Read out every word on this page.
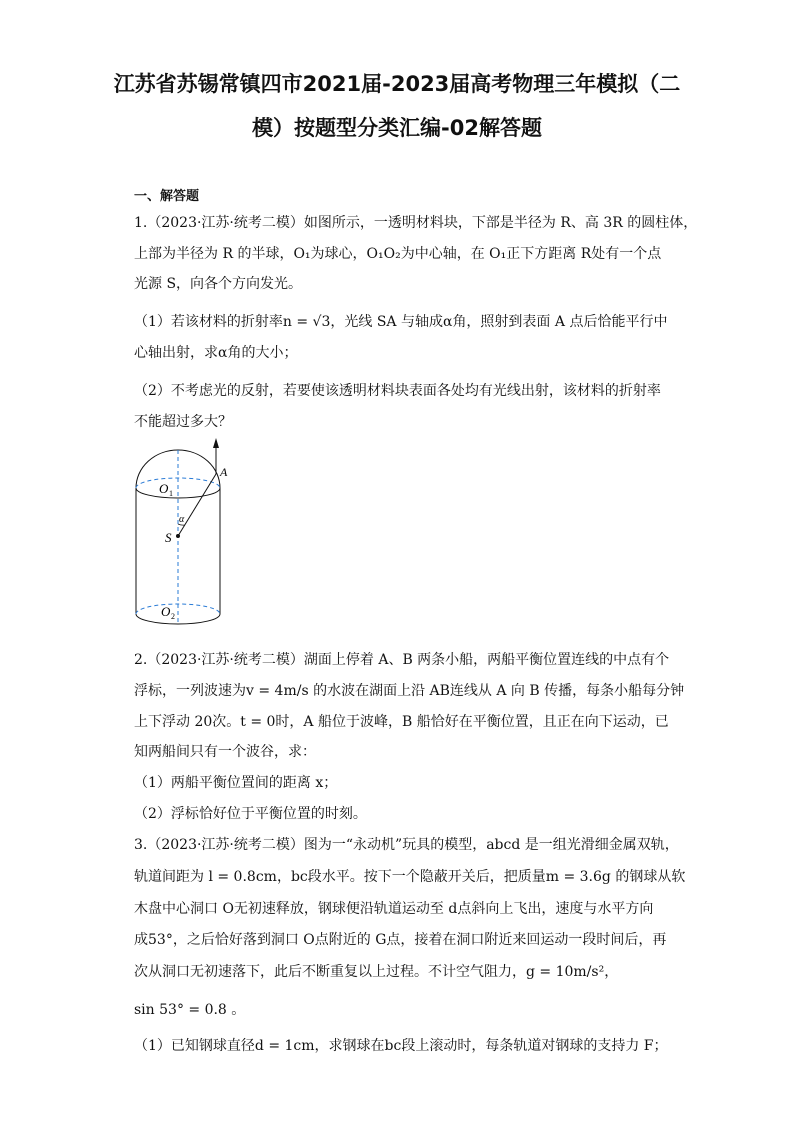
江苏省苏锡常镇四市2021届-2023届高考物理三年模拟（二
模）按题型分类汇编-02解答题
一、解答题
1.（2023·江苏·统考二模）如图所示，一透明材料块，下部是半径为 R、高 3R 的圆柱体，
上部为半径为 R 的半球，O₁为球心，O₁O₂为中心轴，在 O₁正下方距离 R处有一个点
光源 S，向各个方向发光。
（1）若该材料的折射率n = √3，光线 SA 与轴成α角，照射到表面 A 点后恰能平行中
心轴出射，求α角的大小；
（2）不考虑光的反射，若要使该透明材料块表面各处均有光线出射，该材料的折射率
不能超过多大？
A
O 1
α
S
O 2
2.（2023·江苏·统考二模）湖面上停着 A、B 两条小船，两船平衡位置连线的中点有个
浮标，一列波速为v = 4m/s 的水波在湖面上沿 AB连线从 A 向 B 传播，每条小船每分钟
上下浮动 20次。t = 0时，A 船位于波峰，B 船恰好在平衡位置，且正在向下运动，已
知两船间只有一个波谷，求：
（1）两船平衡位置间的距离 x；
（2）浮标恰好位于平衡位置的时刻。
3.（2023·江苏·统考二模）图为一“永动机”玩具的模型，abcd 是一组光滑细金属双轨，
轨道间距为 l = 0.8cm，bc段水平。按下一个隐蔽开关后，把质量m = 3.6g 的钢球从软
木盘中心洞口 O无初速释放，钢球便沿轨道运动至 d点斜向上飞出，速度与水平方向
成53°，之后恰好落到洞口 O点附近的 G点，接着在洞口附近来回运动一段时间后，再
次从洞口无初速落下，此后不断重复以上过程。不计空气阻力，g = 10m/s²，
sin 53° = 0.8 。
（1）已知钢球直径d = 1cm，求钢球在bc段上滚动时，每条轨道对钢球的支持力 F；
